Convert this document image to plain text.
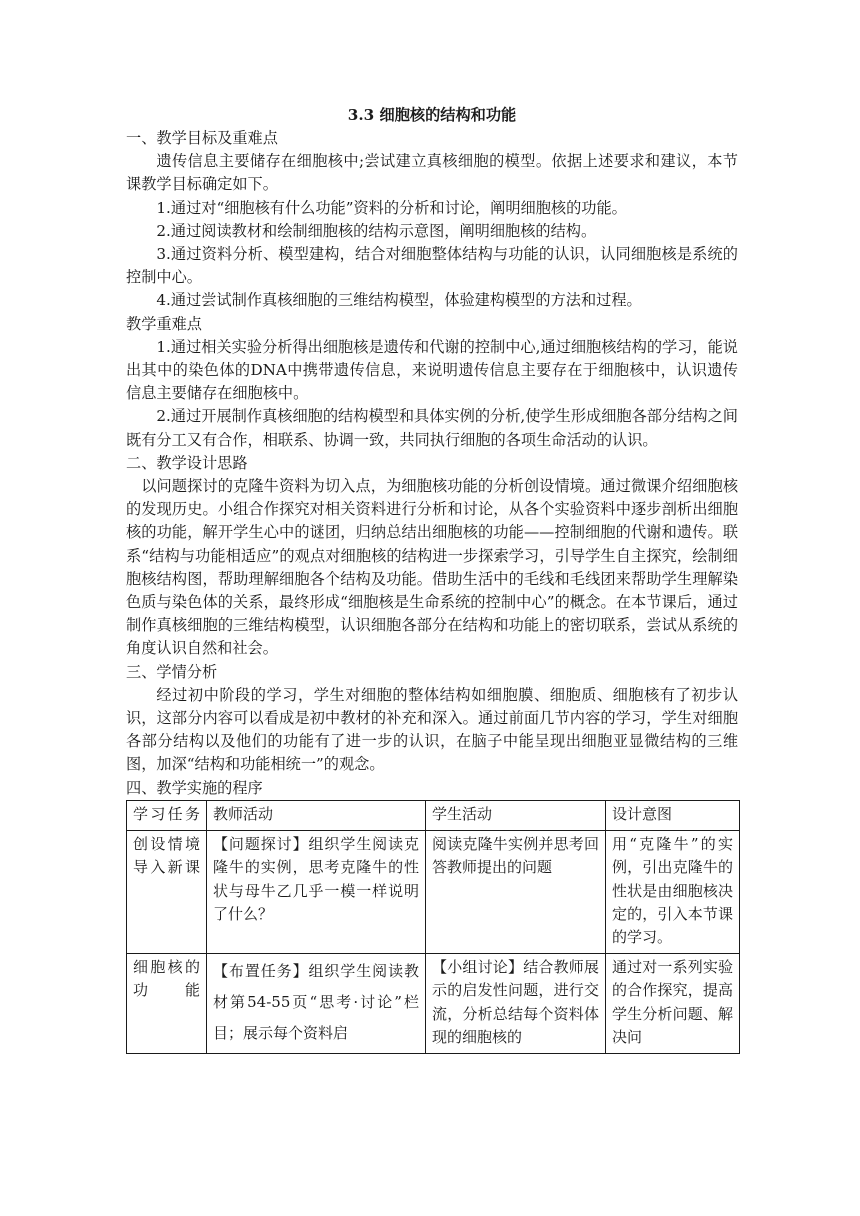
3.3 细胞核的结构和功能

一、教学目标及重难点

遗传信息主要储存在细胞核中;尝试建立真核细胞的模型。依据上述要求和建议，本节课教学目标确定如下。

1.通过对“细胞核有什么功能”资料的分析和讨论，阐明细胞核的功能。

2.通过阅读教材和绘制细胞核的结构示意图，阐明细胞核的结构。

3.通过资料分析、模型建构，结合对细胞整体结构与功能的认识，认同细胞核是系统的控制中心。

4.通过尝试制作真核细胞的三维结构模型，体验建构模型的方法和过程。

教学重难点

1.通过相关实验分析得出细胞核是遗传和代谢的控制中心,通过细胞核结构的学习，能说出其中的染色体的DNA中携带遗传信息，来说明遗传信息主要存在于细胞核中，认识遗传信息主要储存在细胞核中。

2.通过开展制作真核细胞的结构模型和具体实例的分析,使学生形成细胞各部分结构之间既有分工又有合作，相联系、协调一致，共同执行细胞的各项生命活动的认识。

二、教学设计思路

以问题探讨的克隆牛资料为切入点，为细胞核功能的分析创设情境。通过微课介绍细胞核的发现历史。小组合作探究对相关资料进行分析和讨论，从各个实验资料中逐步剖析出细胞核的功能，解开学生心中的谜团，归纳总结出细胞核的功能——控制细胞的代谢和遗传。联系“结构与功能相适应”的观点对细胞核的结构进一步探索学习，引导学生自主探究，绘制细胞核结构图，帮助理解细胞各个结构及功能。借助生活中的毛线和毛线团来帮助学生理解染色质与染色体的关系，最终形成“细胞核是生命系统的控制中心”的概念。在本节课后，通过制作真核细胞的三维结构模型，认识细胞各部分在结构和功能上的密切联系，尝试从系统的角度认识自然和社会。

三、学情分析

经过初中阶段的学习，学生对细胞的整体结构如细胞膜、细胞质、细胞核有了初步认识，这部分内容可以看成是初中教材的补充和深入。通过前面几节内容的学习，学生对细胞各部分结构以及他们的功能有了进一步的认识，在脑子中能呈现出细胞亚显微结构的三维图，加深“结构和功能相统一”的观念。

四、教学实施的程序

学习任务	教师活动	学生活动	设计意图
创设情境导入新课	【问题探讨】组织学生阅读克隆牛的实例，思考克隆牛的性状与母牛乙几乎一模一样说明了什么？	阅读克隆牛实例并思考回答教师提出的问题	用“克隆牛”的实例，引出克隆牛的性状是由细胞核决定的，引入本节课的学习。
细胞核的功能	【布置任务】组织学生阅读教材第54-55页“思考·讨论”栏目；展示每个资料启	【小组讨论】结合教师展示的启发性问题，进行交流，分析总结每个资料体现的细胞核的	通过对一系列实验的合作探究，提高学生分析问题、解决问
